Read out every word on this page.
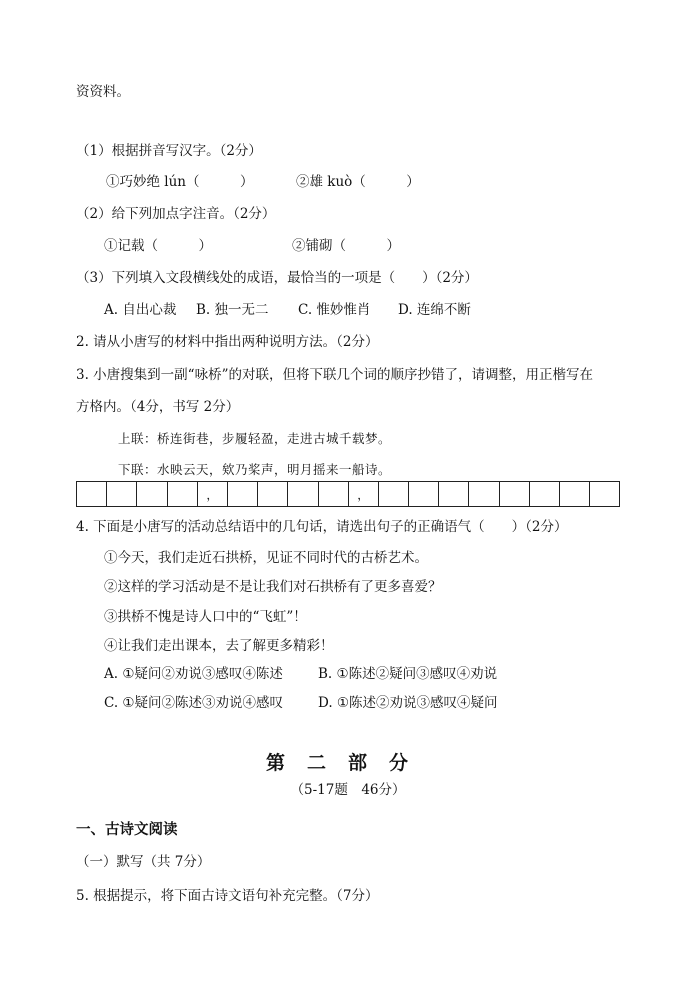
资资料。
（1）根据拼音写汉字。（2分）
①巧妙绝 lún（　　　）	②雄 kuò（　　　）
（2）给下列加点字注音。（2分）
①记载（　　　）	②铺砌（　　　）
（3）下列填入文段横线处的成语，最恰当的一项是（　　）（2分）
A. 自出心裁 B. 独一无二 C. 惟妙惟肖 D. 连绵不断
2. 请从小唐写的材料中指出两种说明方法。（2分）
3. 小唐搜集到一副“咏桥”的对联，但将下联几个词的顺序抄错了，请调整，用正楷写在
方格内。（4分，书写 2分）
上联：桥连街巷，步履轻盈，走进古城千载梦。
下联：水映云天，欸乃桨声，明月摇来一船诗。
，	，
4. 下面是小唐写的活动总结语中的几句话，请选出句子的正确语气（　　）（2分）
①今天，我们走近石拱桥，见证不同时代的古桥艺术。
②这样的学习活动是不是让我们对石拱桥有了更多喜爱？
③拱桥不愧是诗人口中的“飞虹”！
④让我们走出课本，去了解更多精彩！
A. ①疑问②劝说③感叹④陈述	B. ①陈述②疑问③感叹④劝说
C. ①疑问②陈述③劝说④感叹	D. ①陈述②劝说③感叹④疑问
第二部分
（5-17题　46分）
一、古诗文阅读
（一）默写（共 7分）
5. 根据提示，将下面古诗文语句补充完整。（7分）
